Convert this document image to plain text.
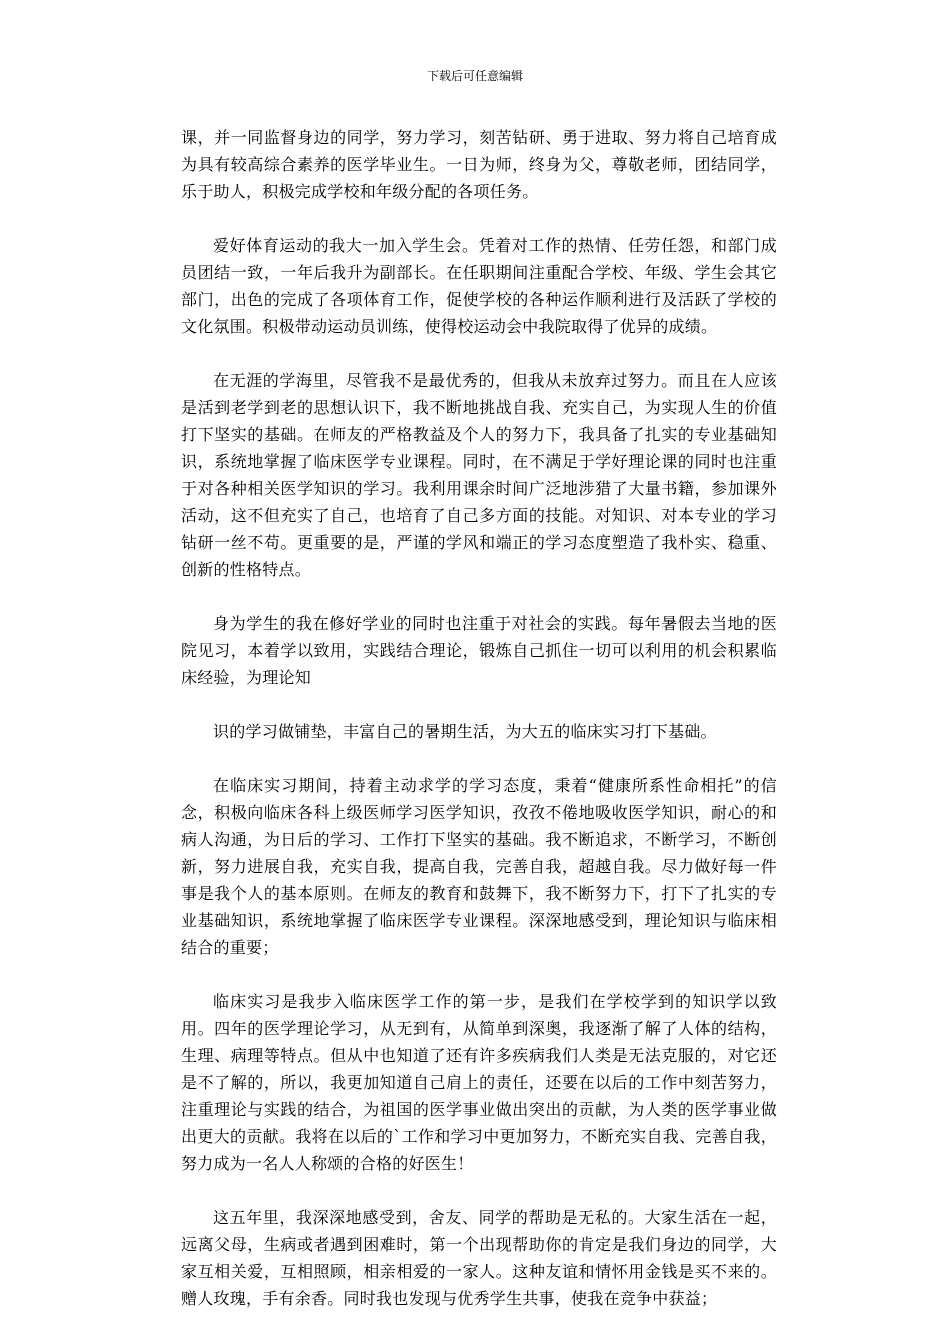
下载后可任意编辑

课，并一同监督身边的同学，努力学习，刻苦钻研、勇于进取、努力将自己培育成为具有较高综合素养的医学毕业生。一日为师，终身为父，尊敬老师，团结同学，乐于助人，积极完成学校和年级分配的各项任务。

爱好体育运动的我大一加入学生会。凭着对工作的热情、任劳任怨，和部门成员团结一致，一年后我升为副部长。在任职期间注重配合学校、年级、学生会其它部门，出色的完成了各项体育工作，促使学校的各种运作顺利进行及活跃了学校的文化氛围。积极带动运动员训练，使得校运动会中我院取得了优异的成绩。

在无涯的学海里，尽管我不是最优秀的，但我从未放弃过努力。而且在人应该是活到老学到老的思想认识下，我不断地挑战自我、充实自己，为实现人生的价值打下坚实的基础。在师友的严格教益及个人的努力下，我具备了扎实的专业基础知识，系统地掌握了临床医学专业课程。同时，在不满足于学好理论课的同时也注重于对各种相关医学知识的学习。我利用课余时间广泛地涉猎了大量书籍，参加课外活动，这不但充实了自己，也培育了自己多方面的技能。对知识、对本专业的学习钻研一丝不苟。更重要的是，严谨的学风和端正的学习态度塑造了我朴实、稳重、创新的性格特点。

身为学生的我在修好学业的同时也注重于对社会的实践。每年暑假去当地的医院见习，本着学以致用，实践结合理论，锻炼自己抓住一切可以利用的机会积累临床经验，为理论知

识的学习做铺垫，丰富自己的暑期生活，为大五的临床实习打下基础。

在临床实习期间，持着主动求学的学习态度，秉着“健康所系性命相托”的信念，积极向临床各科上级医师学习医学知识，孜孜不倦地吸收医学知识，耐心的和病人沟通，为日后的学习、工作打下坚实的基础。我不断追求，不断学习，不断创新，努力进展自我，充实自我，提高自我，完善自我，超越自我。尽力做好每一件事是我个人的基本原则。在师友的教育和鼓舞下，我不断努力下，打下了扎实的专业基础知识，系统地掌握了临床医学专业课程。深深地感受到，理论知识与临床相结合的重要；

临床实习是我步入临床医学工作的第一步，是我们在学校学到的知识学以致用。四年的医学理论学习，从无到有，从简单到深奥，我逐渐了解了人体的结构，生理、病理等特点。但从中也知道了还有许多疾病我们人类是无法克服的，对它还是不了解的，所以，我更加知道自己肩上的责任，还要在以后的工作中刻苦努力，注重理论与实践的结合，为祖国的医学事业做出突出的贡献，为人类的医学事业做出更大的贡献。我将在以后的`工作和学习中更加努力，不断充实自我、完善自我，努力成为一名人人称颂的合格的好医生！

这五年里，我深深地感受到，舍友、同学的帮助是无私的。大家生活在一起，远离父母，生病或者遇到困难时，第一个出现帮助你的肯定是我们身边的同学，大家互相关爱，互相照顾，相亲相爱的一家人。这种友谊和情怀用金钱是买不来的。赠人玫瑰，手有余香。同时我也发现与优秀学生共事，使我在竞争中获益；
